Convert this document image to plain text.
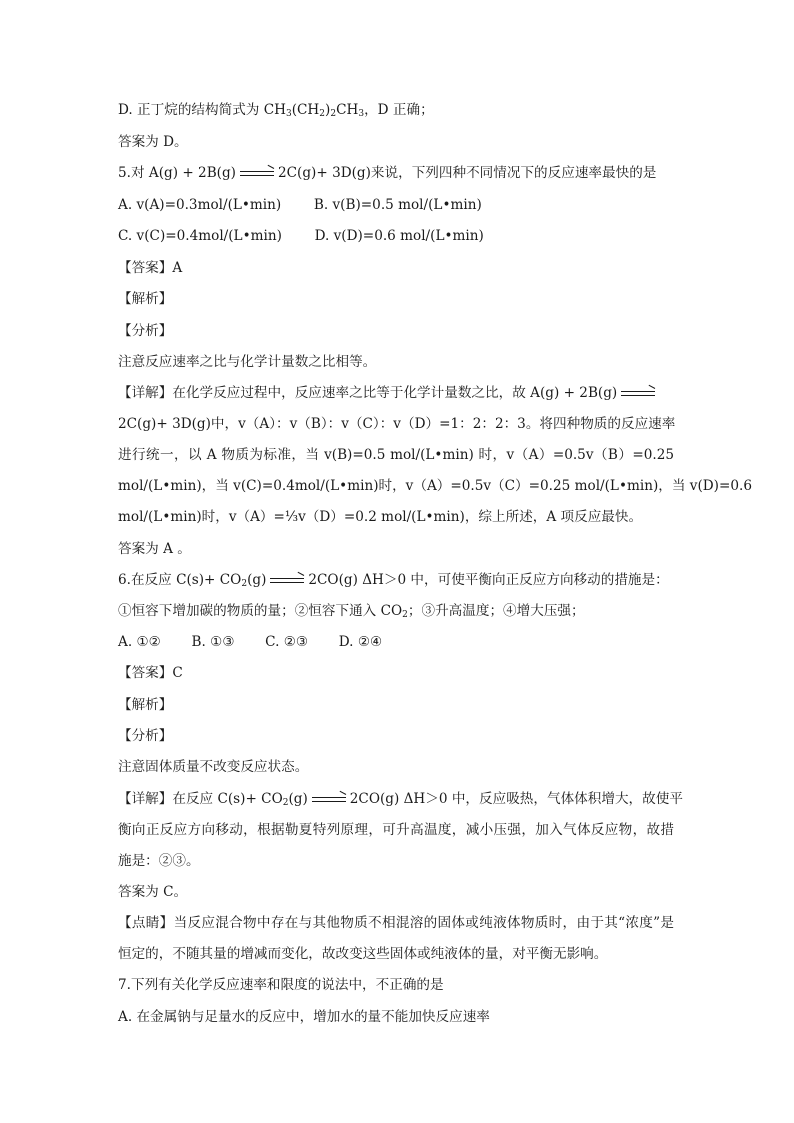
D. 正丁烷的结构简式为 $CH_3(CH_2)_2CH_3$，D 正确；
答案为 D。
5.对 A(g) + 2B(g) → 2C(g)+ 3D(g)来说，下列四种不同情况下的反应速率最快的是
A. v(A)=0.3mol/(L•min) B. v(B)=0.5 mol/(L•min)
C. v(C)=0.4mol/(L•min) D. v(D)=0.6 mol/(L•min)
【答案】A
【解析】
【分析】
注意反应速率之比与化学计量数之比相等。
【详解】在化学反应过程中，反应速率之比等于化学计量数之比，故 A(g) + 2B(g) →
2C(g)+ 3D(g)中，v（A）：v（B）：v（C）：v（D）=1：2：2：3。将四种物质的反应速率
进行统一，以 A 物质为标准，当 v(B)=0.5 mol/(L•min) 时，v（A）=0.5v（B）=0.25
mol/(L•min)，当 v(C)=0.4mol/(L•min)时，v（A）=0.5v（C）=0.25 mol/(L•min)，当 v(D)=0.6
mol/(L•min)时，v（A）=⅓v（D）=0.2 mol/(L•min)，综上所述，A 项反应最快。
答案为 A 。
6.在反应 $C(s)+ CO_2(g) \to 2CO(g)$ ΔH＞0 中，可使平衡向正反应方向移动的措施是：
①恒容下增加碳的物质的量；②恒容下通入 $CO_2$；③升高温度；④增大压强；
A. ①② B. ①③ C. ②③ D. ②④
【答案】C
【解析】
【分析】
注意固体质量不改变反应状态。
【详解】在反应 $C(s)+ CO_2(g) \to 2CO(g)$ ΔH＞0 中，反应吸热，气体体积增大，故使平
衡向正反应方向移动，根据勒夏特列原理，可升高温度，减小压强，加入气体反应物，故措
施是：②③。
答案为 C。
【点睛】当反应混合物中存在与其他物质不相混溶的固体或纯液体物质时，由于其“浓度”是
恒定的，不随其量的增减而变化，故改变这些固体或纯液体的量，对平衡无影响。
7.下列有关化学反应速率和限度的说法中，不正确的是
A. 在金属钠与足量水的反应中，增加水的量不能加快反应速率
